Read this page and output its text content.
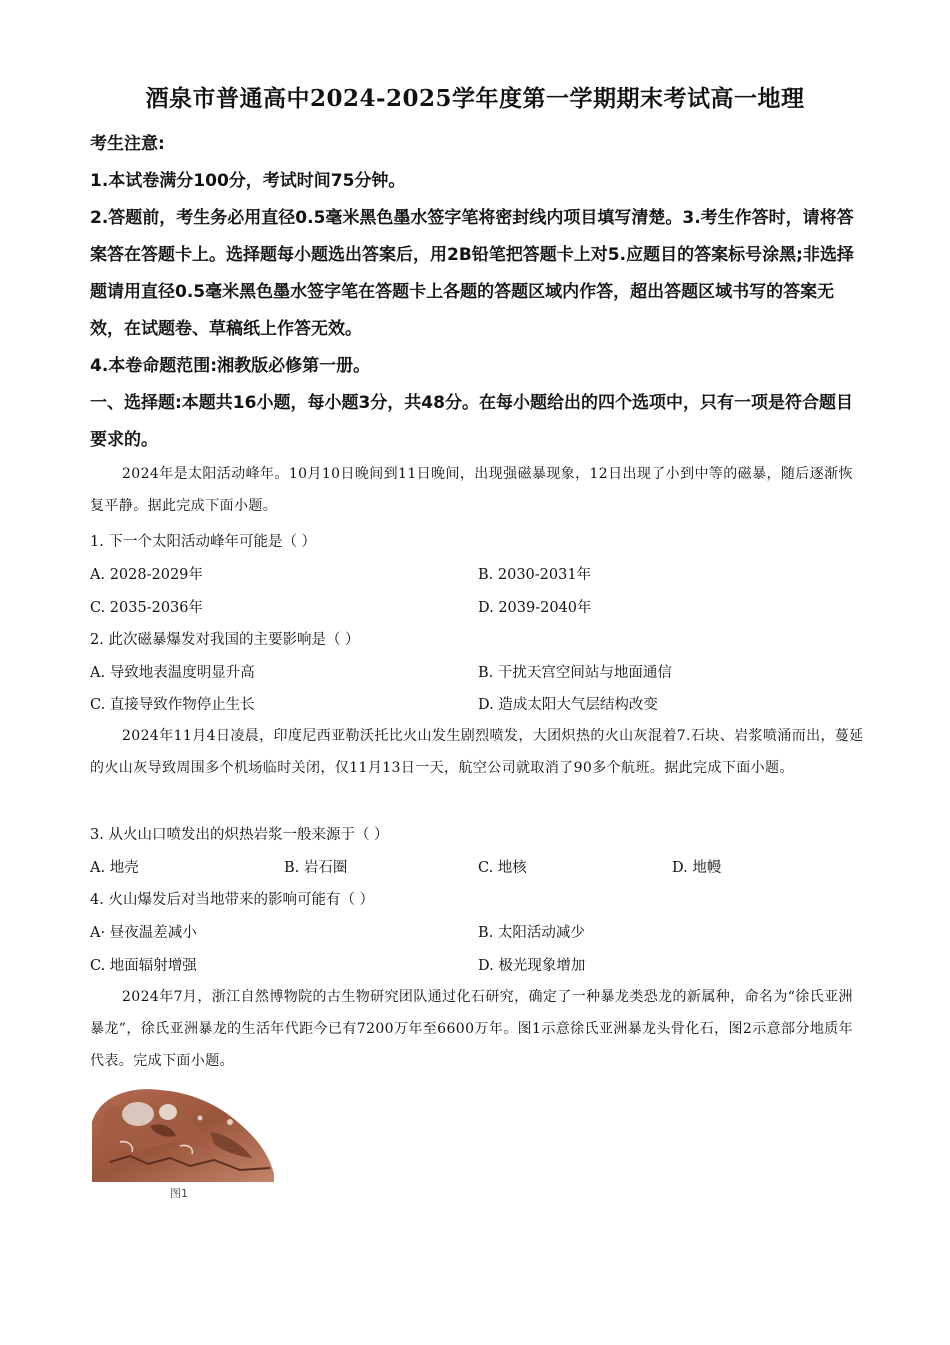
酒泉市普通高中2024-2025学年度第一学期期末考试高一地理
考生注意:
1.本试卷满分100分，考试时间75分钟。
2.答题前，考生务必用直径0.5毫米黑色墨水签字笔将密封线内项目填写清楚。3.考生作答时，请将答案答在答题卡上。选择题每小题选出答案后，用2B铅笔把答题卡上对5.应题目的答案标号涂黑;非选择题请用直径0.5毫米黑色墨水签字笔在答题卡上各题的答题区域内作答，超出答题区域书写的答案无效，在试题卷、草稿纸上作答无效。
4.本卷命题范围:湘教版必修第一册。
一、选择题:本题共16小题，每小题3分，共48分。在每小题给出的四个选项中，只有一项是符合题目要求的。
2024年是太阳活动峰年。10月10日晚间到11日晚间，出现强磁暴现象，12日出现了小到中等的磁暴，随后逐渐恢复平静。据此完成下面小题。
1. 下一个太阳活动峰年可能是（ ）
A. 2028-2029年	B. 2030-2031年
C. 2035-2036年	D. 2039-2040年
2. 此次磁暴爆发对我国的主要影响是（ ）
A. 导致地表温度明显升高	B. 干扰天宫空间站与地面通信
C. 直接导致作物停止生长	D. 造成太阳大气层结构改变
2024年11月4日凌晨，印度尼西亚勒沃托比火山发生剧烈喷发，大团炽热的火山灰混着7.石块、岩浆喷涌而出，蔓延的火山灰导致周围多个机场临时关闭，仅11月13日一天，航空公司就取消了90多个航班。据此完成下面小题。
3. 从火山口喷发出的炽热岩浆一般来源于（ ）
A. 地壳	B. 岩石圈	C. 地核	D. 地幔
4. 火山爆发后对当地带来的影响可能有（ ）
A· 昼夜温差减小	B. 太阳活动减少
C. 地面辐射增强	D. 极光现象增加
2024年7月，浙江自然博物院的古生物研究团队通过化石研究，确定了一种暴龙类恐龙的新属种，命名为“徐氏亚洲暴龙”，徐氏亚洲暴龙的生活年代距今已有7200万年至6600万年。图1示意徐氏亚洲暴龙头骨化石，图2示意部分地质年代表。完成下面小题。
图1
